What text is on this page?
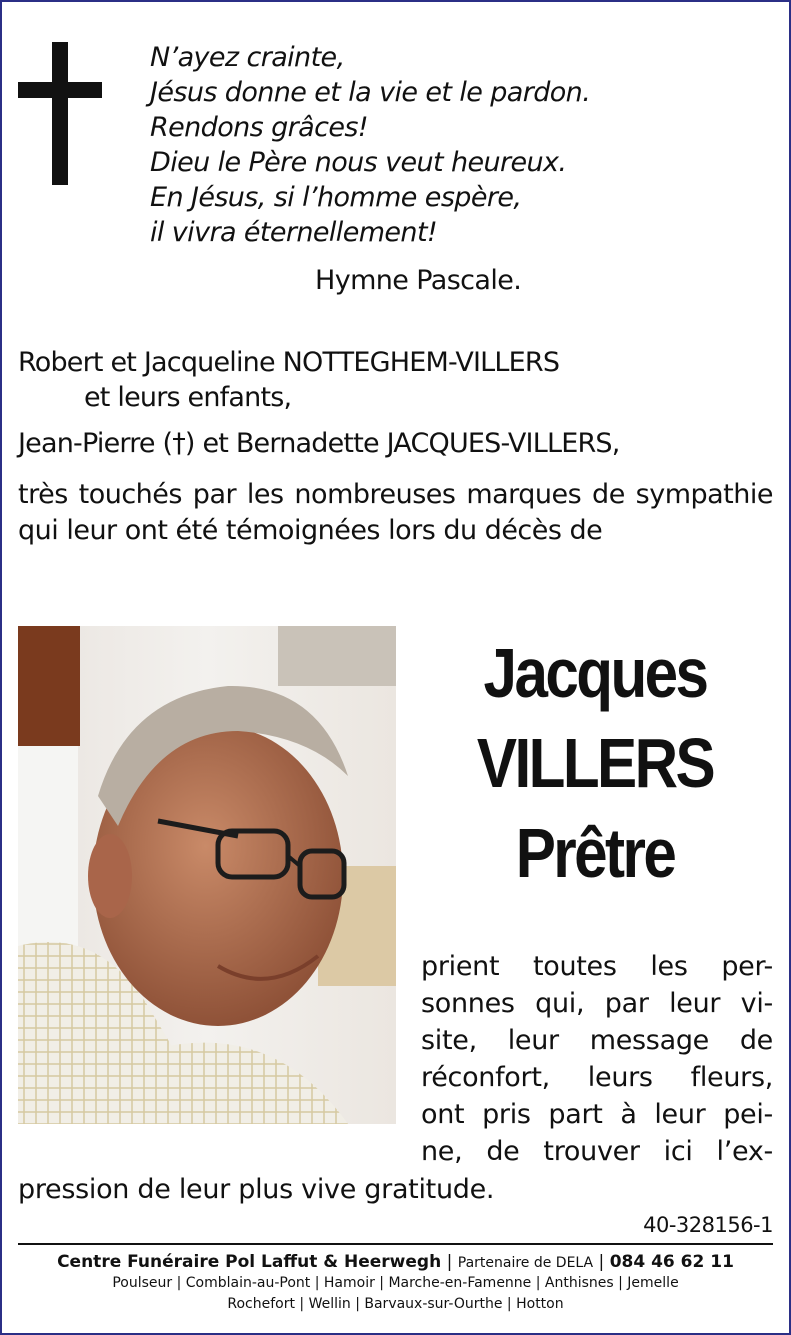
N’ayez crainte,
Jésus donne et la vie et le pardon.
Rendons grâces!
Dieu le Père nous veut heureux.
En Jésus, si l’homme espère,
il vivra éternellement!
Hymne Pascale.
Robert et Jacqueline NOTTEGHEM-VILLERS
et leurs enfants,
Jean-Pierre (†) et Bernadette JACQUES-VILLERS,
très touchés par les nombreuses marques de sympathie qui leur ont été témoignées lors du décès de
Jacques
VILLERS
Prêtre
prient toutes les per-
sonnes qui, par leur vi-
site, leur message de
réconfort, leurs fleurs,
ont pris part à leur pei-
ne, de trouver ici l’ex-
pression de leur plus vive gratitude.
40-328156-1
Centre Funéraire Pol Laffut & Heerwegh | Partenaire de DELA | 084 46 62 11
Poulseur | Comblain-au-Pont | Hamoir | Marche-en-Famenne | Anthisnes | Jemelle
Rochefort | Wellin | Barvaux-sur-Ourthe | Hotton
